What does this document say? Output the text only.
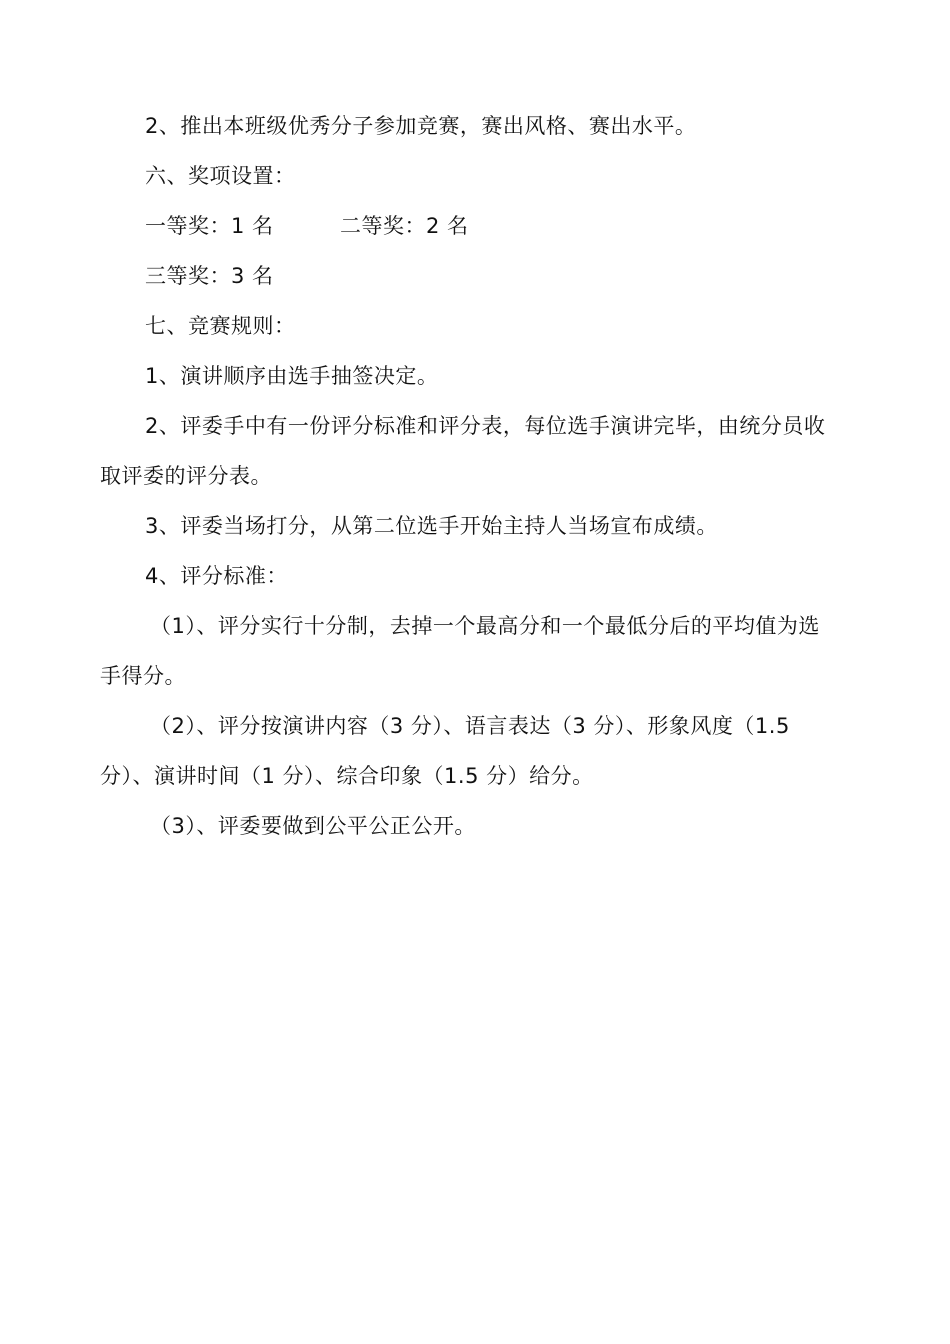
2、推出本班级优秀分子参加竞赛，赛出风格、赛出水平。
六、奖项设置：
一等奖：1 名	二等奖：2 名
三等奖：3 名
七、竞赛规则：
1、演讲顺序由选手抽签决定。
2、评委手中有一份评分标准和评分表，每位选手演讲完毕，由统分员收
取评委的评分表。
3、评委当场打分，从第二位选手开始主持人当场宣布成绩。
4、评分标准：
（1）、评分实行十分制，去掉一个最高分和一个最低分后的平均值为选
手得分。
（2）、评分按演讲内容（3 分）、语言表达（3 分）、形象风度（1.5
分）、演讲时间（1 分）、综合印象（1.5 分）给分。
（3）、评委要做到公平公正公开。
